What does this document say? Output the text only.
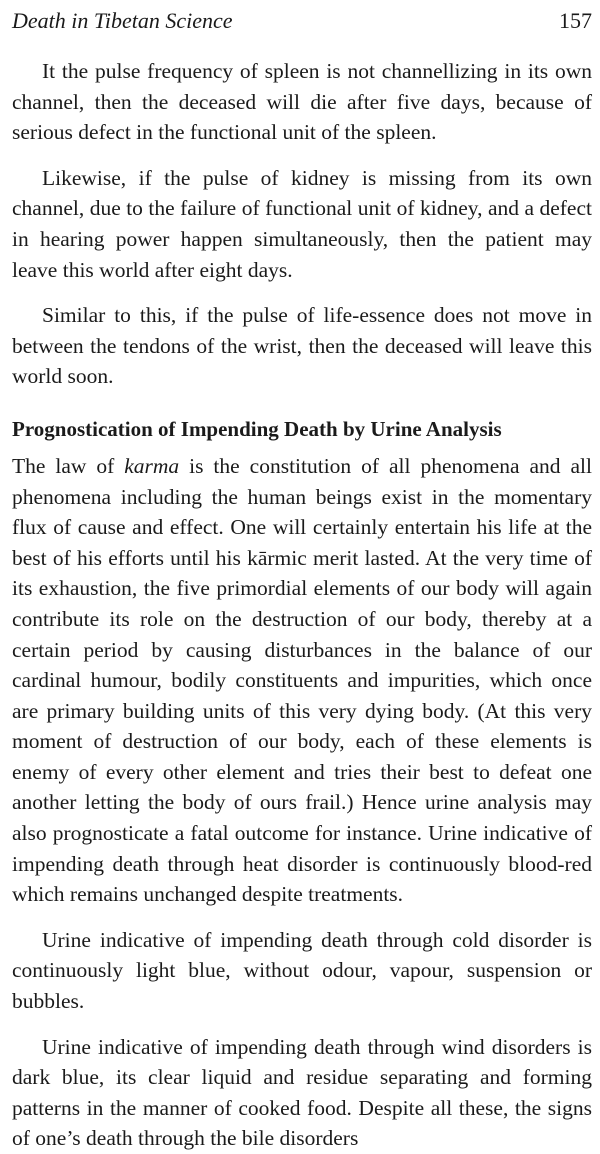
Death in Tibetan Science	157

It the pulse frequency of spleen is not channellizing in its own channel, then the deceased will die after five days, because of serious defect in the functional unit of the spleen.

Likewise, if the pulse of kidney is missing from its own channel, due to the failure of functional unit of kidney, and a defect in hearing power happen simultaneously, then the patient may leave this world after eight days.

Similar to this, if the pulse of life-essence does not move in between the tendons of the wrist, then the deceased will leave this world soon.

Prognostication of Impending Death by Urine Analysis

The law of karma is the constitution of all phenomena and all phenomena including the human beings exist in the momentary flux of cause and effect. One will certainly entertain his life at the best of his efforts until his kārmic merit lasted. At the very time of its exhaustion, the five primordial elements of our body will again contribute its role on the destruction of our body, thereby at a certain period by causing disturbances in the balance of our cardinal humour, bodily constituents and impurities, which once are primary building units of this very dying body. (At this very moment of destruction of our body, each of these elements is enemy of every other element and tries their best to defeat one another letting the body of ours frail.) Hence urine analysis may also prognosticate a fatal outcome for instance. Urine indicative of impending death through heat disorder is continuously blood-red which remains unchanged despite treatments.

Urine indicative of impending death through cold disorder is continuously light blue, without odour, vapour, suspension or bubbles.

Urine indicative of impending death through wind disorders is dark blue, its clear liquid and residue separating and forming patterns in the manner of cooked food. Despite all these, the signs of one’s death through the bile disorders
